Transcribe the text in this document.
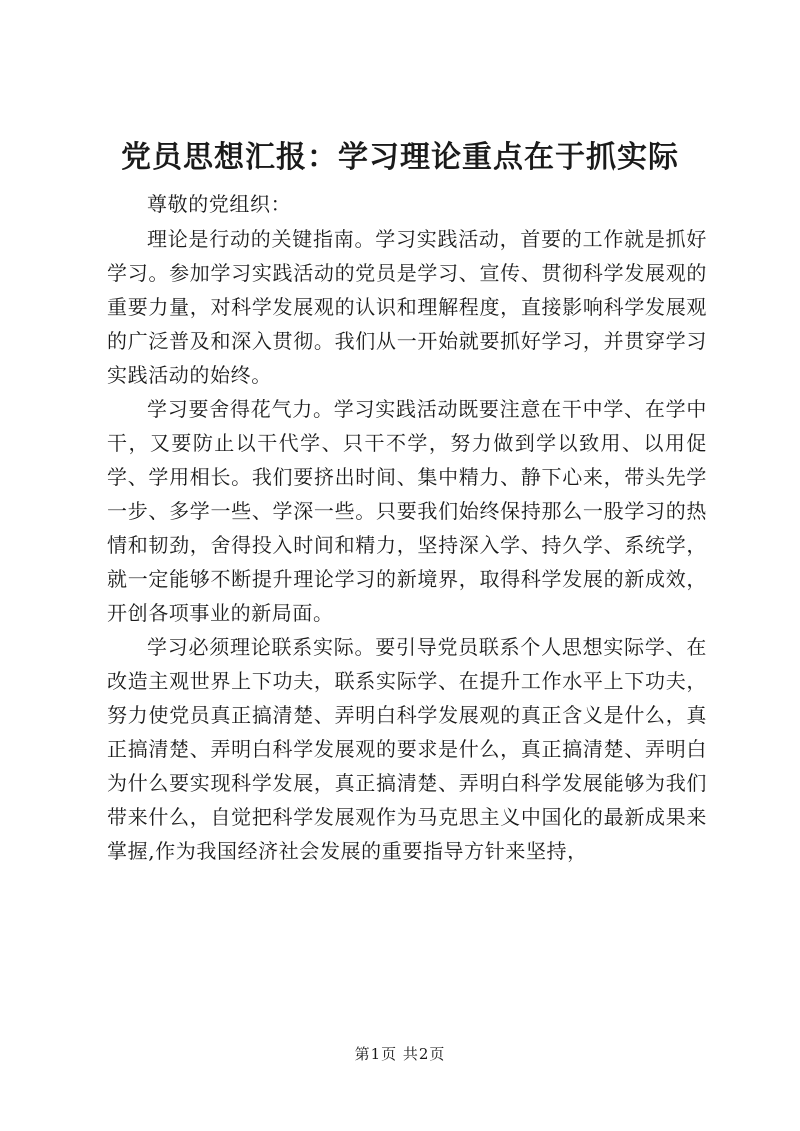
党员思想汇报：学习理论重点在于抓实际

尊敬的党组织：

理论是行动的关键指南。学习实践活动，首要的工作就是抓好学习。参加学习实践活动的党员是学习、宣传、贯彻科学发展观的重要力量，对科学发展观的认识和理解程度，直接影响科学发展观的广泛普及和深入贯彻。我们从一开始就要抓好学习，并贯穿学习实践活动的始终。

学习要舍得花气力。学习实践活动既要注意在干中学、在学中干，又要防止以干代学、只干不学，努力做到学以致用、以用促学、学用相长。我们要挤出时间、集中精力、静下心来，带头先学一步、多学一些、学深一些。只要我们始终保持那么一股学习的热情和韧劲，舍得投入时间和精力，坚持深入学、持久学、系统学，就一定能够不断提升理论学习的新境界，取得科学发展的新成效，开创各项事业的新局面。

学习必须理论联系实际。要引导党员联系个人思想实际学、在改造主观世界上下功夫，联系实际学、在提升工作水平上下功夫，努力使党员真正搞清楚、弄明白科学发展观的真正含义是什么，真正搞清楚、弄明白科学发展观的要求是什么，真正搞清楚、弄明白为什么要实现科学发展，真正搞清楚、弄明白科学发展能够为我们带来什么，自觉把科学发展观作为马克思主义中国化的最新成果来掌握,作为我国经济社会发展的重要指导方针来坚持，

第1页 共2页
